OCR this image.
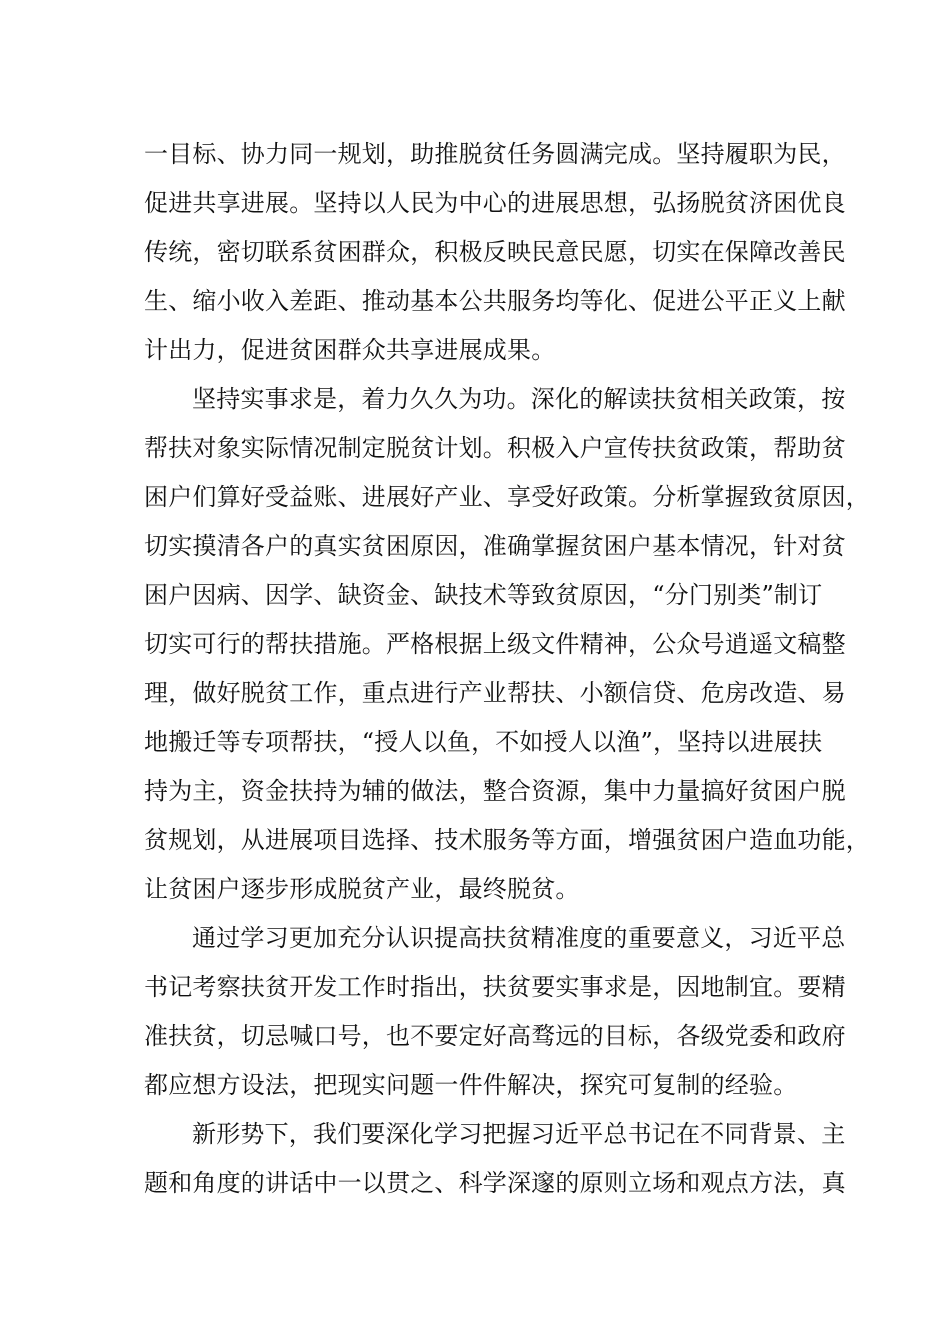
一目标、协力同一规划，助推脱贫任务圆满完成。坚持履职为民，
促进共享进展。坚持以人民为中心的进展思想，弘扬脱贫济困优良
传统，密切联系贫困群众，积极反映民意民愿，切实在保障改善民
生、缩小收入差距、推动基本公共服务均等化、促进公平正义上献
计出力，促进贫困群众共享进展成果。
坚持实事求是，着力久久为功。深化的解读扶贫相关政策，按
帮扶对象实际情况制定脱贫计划。积极入户宣传扶贫政策，帮助贫
困户们算好受益账、进展好产业、享受好政策。分析掌握致贫原因，
切实摸清各户的真实贫困原因，准确掌握贫困户基本情况，针对贫
困户因病、因学、缺资金、缺技术等致贫原因，“分门别类”制订
切实可行的帮扶措施。严格根据上级文件精神，公众号逍遥文稿整
理，做好脱贫工作，重点进行产业帮扶、小额信贷、危房改造、易
地搬迁等专项帮扶，“授人以鱼，不如授人以渔”，坚持以进展扶
持为主，资金扶持为辅的做法，整合资源，集中力量搞好贫困户脱
贫规划，从进展项目选择、技术服务等方面，增强贫困户造血功能，
让贫困户逐步形成脱贫产业，最终脱贫。
通过学习更加充分认识提高扶贫精准度的重要意义，习近平总
书记考察扶贫开发工作时指出，扶贫要实事求是，因地制宜。要精
准扶贫，切忌喊口号，也不要定好高骛远的目标，各级党委和政府
都应想方设法，把现实问题一件件解决，探究可复制的经验。
新形势下，我们要深化学习把握习近平总书记在不同背景、主
题和角度的讲话中一以贯之、科学深邃的原则立场和观点方法，真
